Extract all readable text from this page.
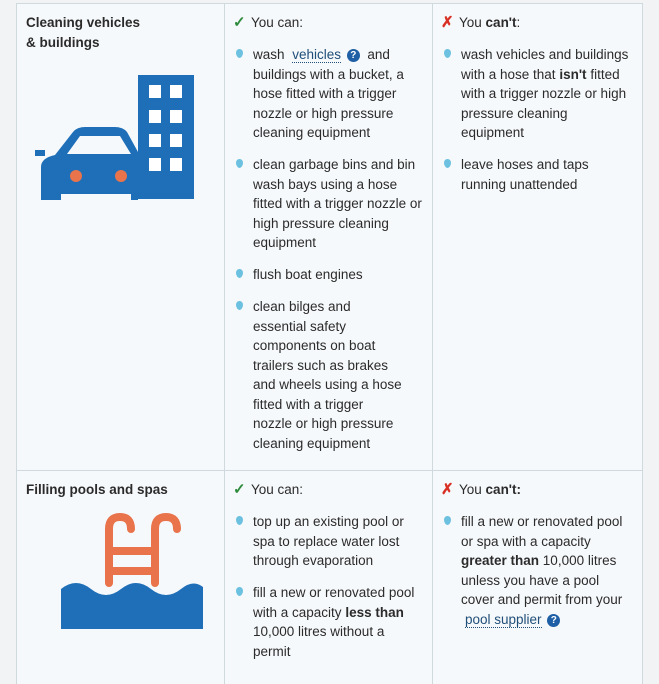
Cleaning vehicles
& buildings
✓ You can:
wash vehicles ? and buildings with a bucket, a hose fitted with a trigger nozzle or high pressure cleaning equipment
clean garbage bins and bin wash bays using a hose fitted with a trigger nozzle or high pressure cleaning equipment
flush boat engines
clean bilges and essential safety components on boat trailers such as brakes and wheels using a hose fitted with a trigger nozzle or high pressure cleaning equipment
✗ You can't:
wash vehicles and buildings with a hose that isn't fitted with a trigger nozzle or high pressure cleaning equipment
leave hoses and taps running unattended
Filling pools and spas	✓ You can:
top up an existing pool or spa to replace water lost through evaporation
fill a new or renovated pool with a capacity less than 10,000 litres without a permit
✗ You can't:
fill a new or renovated pool or spa with a capacity greater than 10,000 litres unless you have a pool cover and permit from your pool supplier ?
